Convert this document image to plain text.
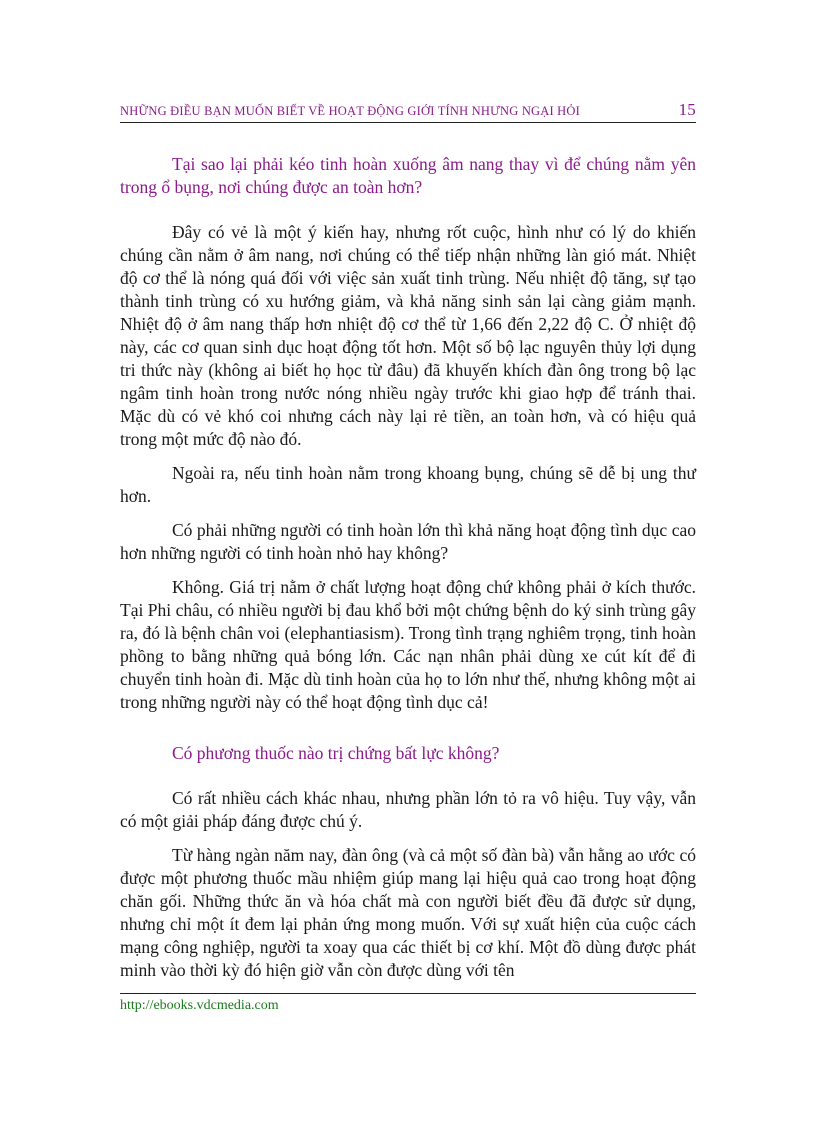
NHỮNG ĐIỀU BẠN MUỐN BIẾT VỀ HOẠT ĐỘNG GIỚI TÍNH NHƯNG NGẠI HỎI	15

Tại sao lại phải kéo tinh hoàn xuống âm nang thay vì để chúng nằm yên trong ổ bụng, nơi chúng được an toàn hơn?

Đây có vẻ là một ý kiến hay, nhưng rốt cuộc, hình như có lý do khiến chúng cần nằm ở âm nang, nơi chúng có thể tiếp nhận những làn gió mát. Nhiệt độ cơ thể là nóng quá đối với việc sản xuất tinh trùng. Nếu nhiệt độ tăng, sự tạo thành tinh trùng có xu hướng giảm, và khả năng sinh sản lại càng giảm mạnh. Nhiệt độ ở âm nang thấp hơn nhiệt độ cơ thể từ 1,66 đến 2,22 độ C. Ở nhiệt độ này, các cơ quan sinh dục hoạt động tốt hơn. Một số bộ lạc nguyên thủy lợi dụng tri thức này (không ai biết họ học từ đâu) đã khuyến khích đàn ông trong bộ lạc ngâm tinh hoàn trong nước nóng nhiều ngày trước khi giao hợp để tránh thai. Mặc dù có vẻ khó coi nhưng cách này lại rẻ tiền, an toàn hơn, và có hiệu quả trong một mức độ nào đó.

Ngoài ra, nếu tinh hoàn nằm trong khoang bụng, chúng sẽ dễ bị ung thư hơn.

Có phải những người có tinh hoàn lớn thì khả năng hoạt động tình dục cao hơn những người có tinh hoàn nhỏ hay không?

Không. Giá trị nằm ở chất lượng hoạt động chứ không phải ở kích thước. Tại Phi châu, có nhiều người bị đau khổ bởi một chứng bệnh do ký sinh trùng gây ra, đó là bệnh chân voi (elephantiasism). Trong tình trạng nghiêm trọng, tinh hoàn phồng to bằng những quả bóng lớn. Các nạn nhân phải dùng xe cút kít để đi chuyển tinh hoàn đi. Mặc dù tinh hoàn của họ to lớn như thế, nhưng không một ai trong những người này có thể hoạt động tình dục cả!

Có phương thuốc nào trị chứng bất lực không?

Có rất nhiều cách khác nhau, nhưng phần lớn tỏ ra vô hiệu. Tuy vậy, vẫn có một giải pháp đáng được chú ý.

Từ hàng ngàn năm nay, đàn ông (và cả một số đàn bà) vẫn hằng ao ước có được một phương thuốc mầu nhiệm giúp mang lại hiệu quả cao trong hoạt động chăn gối. Những thức ăn và hóa chất mà con người biết đều đã được sử dụng, nhưng chỉ một ít đem lại phản ứng mong muốn. Với sự xuất hiện của cuộc cách mạng công nghiệp, người ta xoay qua các thiết bị cơ khí. Một đồ dùng được phát minh vào thời kỳ đó hiện giờ vẫn còn được dùng với tên

http://ebooks.vdcmedia.com
